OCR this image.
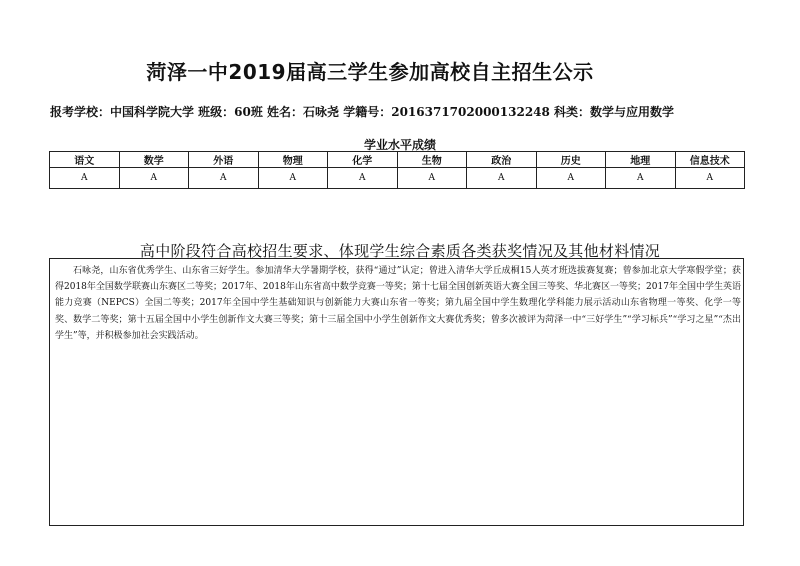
菏泽一中2019届高三学生参加高校自主招生公示
报考学校：中国科学院大学 班级：60班 姓名：石咏尧 学籍号：2016371702000132248 科类：数学与应用数学
学业水平成绩
语文	数学	外语	物理	化学	生物	政治	历史	地理	信息技术
A	A	A	A	A	A	A	A	A	A
高中阶段符合高校招生要求、体现学生综合素质各类获奖情况及其他材料情况
石咏尧，山东省优秀学生、山东省三好学生。参加清华大学暑期学校，获得“通过”认定；曾进入清华大学丘成桐15人英才班选拔赛复赛；曾参加北京大学寒假学堂；获得2018年全国数学联赛山东赛区二等奖；2017年、2018年山东省高中数学竞赛一等奖；第十七届全国创新英语大赛全国三等奖、华北赛区一等奖；2017年全国中学生英语能力竞赛（NEPCS）全国二等奖；2017年全国中学生基础知识与创新能力大赛山东省一等奖；第九届全国中学生数理化学科能力展示活动山东省物理一等奖、化学一等奖、数学二等奖；第十五届全国中小学生创新作文大赛三等奖；第十三届全国中小学生创新作文大赛优秀奖；曾多次被评为菏泽一中“三好学生”“学习标兵”“学习之星”“杰出学生”等，并积极参加社会实践活动。
